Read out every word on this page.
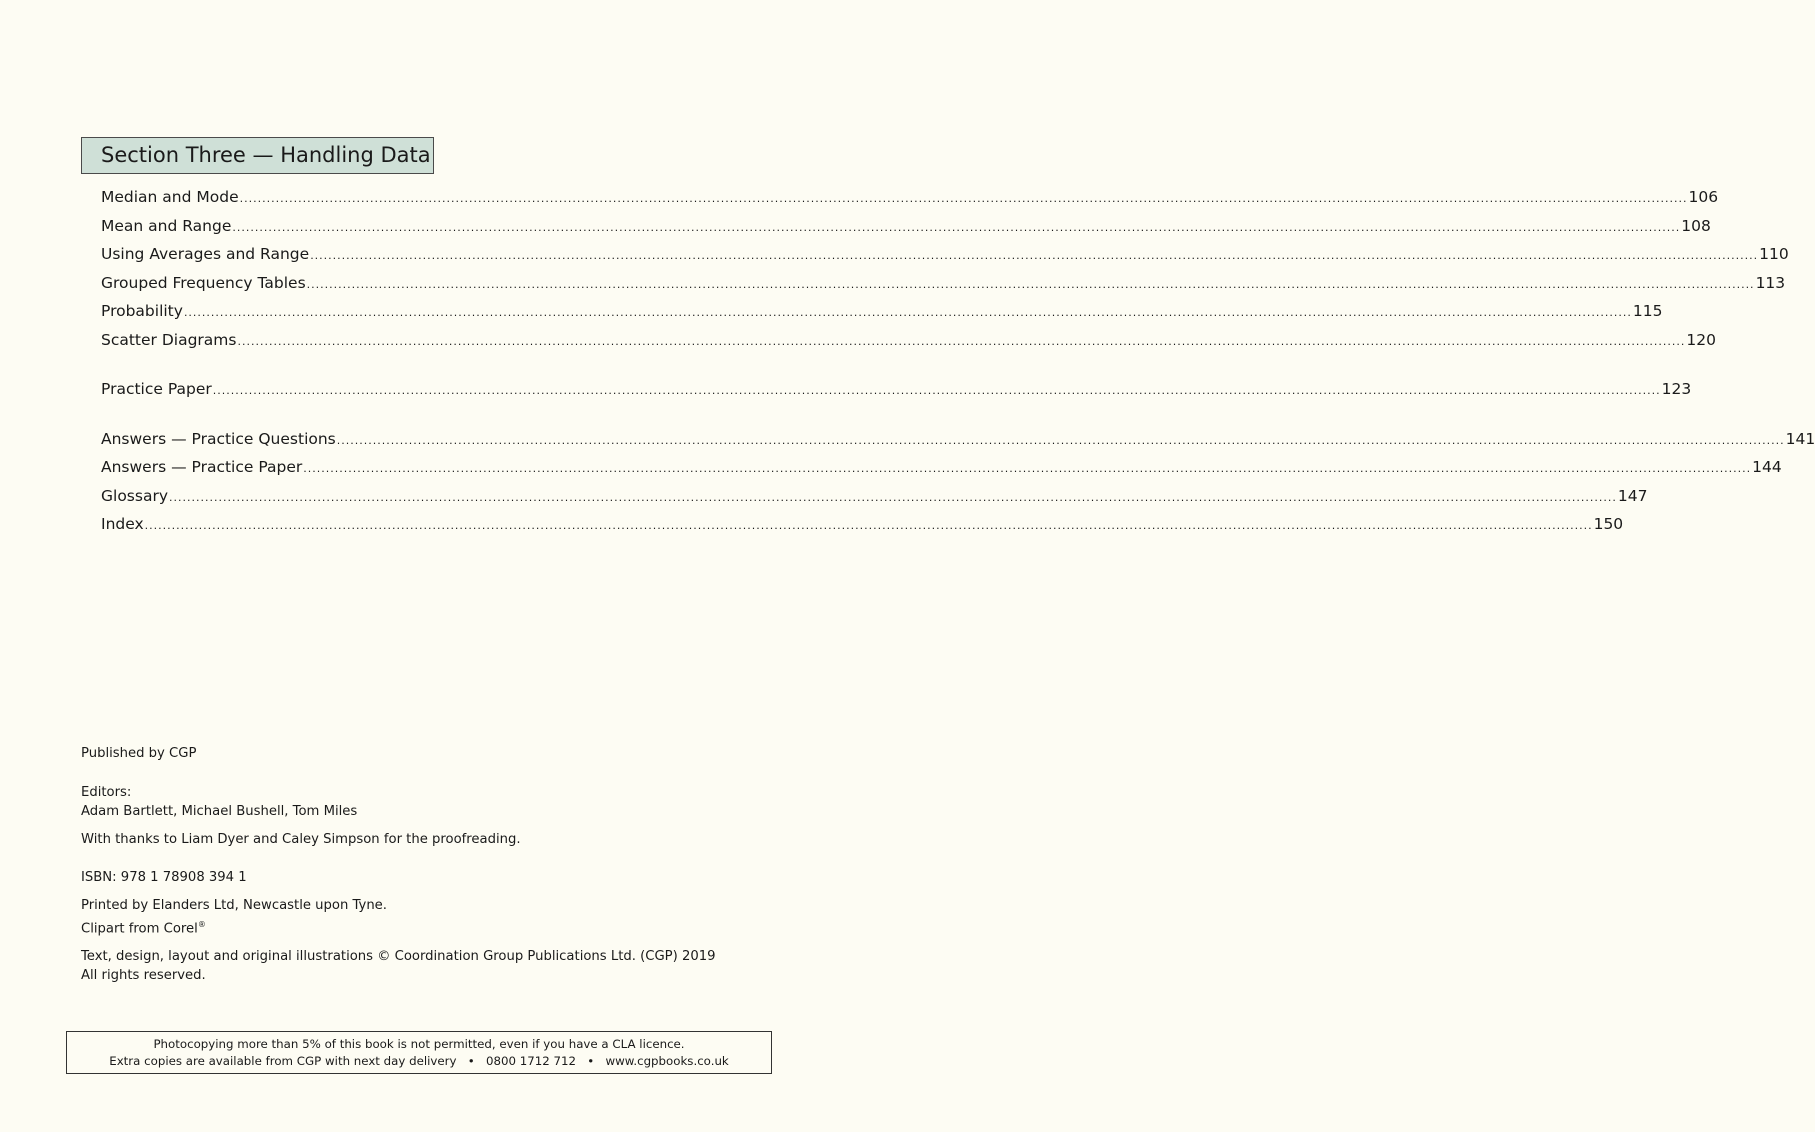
Section Three — Handling Data
Median and Mode .................................................................................................................................................................................................................................................................................................................................. 106
Mean and Range .................................................................................................................................................................................................................................................................................................................................. 108
Using Averages and Range .................................................................................................................................................................................................................................................................................................................................. 110
Grouped Frequency Tables .................................................................................................................................................................................................................................................................................................................................. 113
Probability .................................................................................................................................................................................................................................................................................................................................. 115
Scatter Diagrams .................................................................................................................................................................................................................................................................................................................................. 120
Practice Paper .................................................................................................................................................................................................................................................................................................................................. 123
Answers — Practice Questions .................................................................................................................................................................................................................................................................................................................................. 141
Answers — Practice Paper .................................................................................................................................................................................................................................................................................................................................. 144
Glossary .................................................................................................................................................................................................................................................................................................................................. 147
Index .................................................................................................................................................................................................................................................................................................................................. 150

Published by CGP

Editors:

Adam Bartlett, Michael Bushell, Tom Miles

With thanks to Liam Dyer and Caley Simpson for the proofreading.

ISBN: 978 1 78908 394 1

Printed by Elanders Ltd, Newcastle upon Tyne.

Clipart from Corel®

Text, design, layout and original illustrations © Coordination Group Publications Ltd. (CGP) 2019

All rights reserved.

Photocopying more than 5% of this book is not permitted, even if you have a CLA licence.
Extra copies are available from CGP with next day delivery   •   0800 1712 712   •   www.cgpbooks.co.uk
